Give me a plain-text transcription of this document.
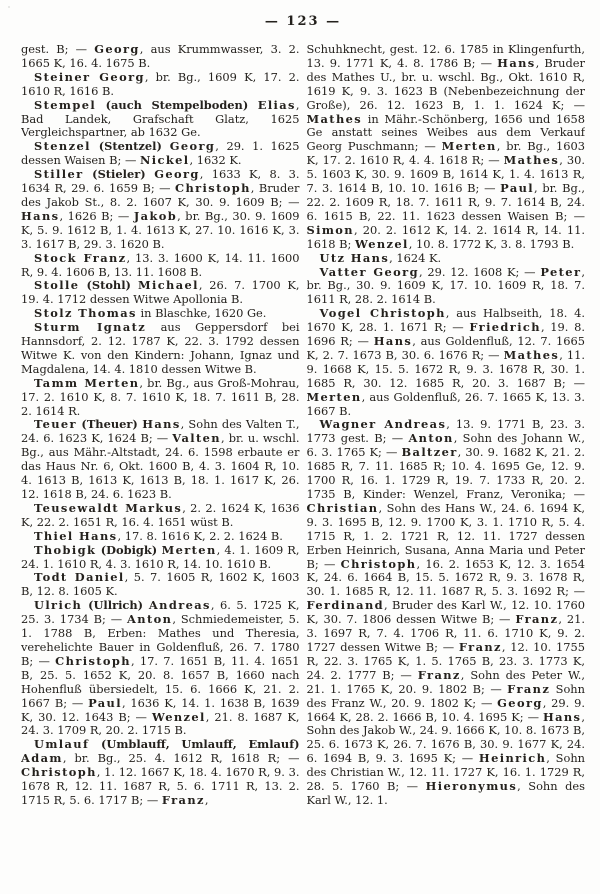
— 123 —

gest. B; — Georg, aus Krummwasser, 3. 2. 1665 K, 16. 4. 1675 B.

Steiner Georg, br. Bg., 1609 K, 17. 2. 1610 R, 1616 B.

Stempel (auch Stempelboden) Elias, Bad Landek, Grafschaft Glatz, 1625 Vergleichspartner, ab 1632 Ge.

Stenzel (Stentzel) Georg, 29. 1. 1625 dessen Waisen B; — Nickel, 1632 K.

Stiller (Stieler) Georg, 1633 K, 8. 3. 1634 R, 29. 6. 1659 B; — Christoph, Bruder des Jakob St., 8. 2. 1607 K, 30. 9. 1609 B; — Hans, 1626 B; — Jakob, br. Bg., 30. 9. 1609 K, 5. 9. 1612 B, 1. 4. 1613 K, 27. 10. 1616 K, 3. 3. 1617 B, 29. 3. 1620 B.

Stock Franz, 13. 3. 1600 K, 14. 11. 1600 R, 9. 4. 1606 B, 13. 11. 1608 B.

Stolle (Stohl) Michael, 26. 7. 1700 K, 19. 4. 1712 dessen Witwe Apollonia B.

Stolz Thomas in Blaschke, 1620 Ge.

Sturm Ignatz aus Geppersdorf bei Hannsdorf, 2. 12. 1787 K, 22. 3. 1792 dessen Witwe K. von den Kindern: Johann, Ignaz und Magdalena, 14. 4. 1810 dessen Witwe B.

Tamm Merten, br. Bg., aus Groß-Mohrau, 17. 2. 1610 K, 8. 7. 1610 K, 18. 7. 1611 B, 28. 2. 1614 R.

Teuer (Theuer) Hans, Sohn des Valten T., 24. 6. 1623 K, 1624 B; — Valten, br. u. wschl. Bg., aus Mähr.-Altstadt, 24. 6. 1598 erbaute er das Haus Nr. 6, Okt. 1600 B, 4. 3. 1604 R, 10. 4. 1613 B, 1613 K, 1613 B, 18. 1. 1617 K, 26. 12. 1618 B, 24. 6. 1623 B.

Teusewaldt Markus, 2. 2. 1624 K, 1636 K, 22. 2. 1651 R, 16. 4. 1651 wüst B.

Thiel Hans, 17. 8. 1616 K, 2. 2. 1624 B.

Thobigk (Dobigk) Merten, 4. 1. 1609 R, 24. 1. 1610 R, 4. 3. 1610 R, 14. 10. 1610 B.

Todt Daniel, 5. 7. 1605 R, 1602 K, 1603 B, 12. 8. 1605 K.

Ulrich (Ullrich) Andreas, 6. 5. 1725 K, 25. 3. 1734 B; — Anton, Schmiedemeister, 5. 1. 1788 B, Erben: Mathes und Theresia, verehelichte Bauer in Goldenfluß, 26. 7. 1780 B; — Christoph, 17. 7. 1651 B, 11. 4. 1651 B, 25. 5. 1652 K, 20. 8. 1657 B, 1660 nach Hohenfluß übersiedelt, 15. 6. 1666 K, 21. 2. 1667 B; — Paul, 1636 K, 14. 1. 1638 B, 1639 K, 30. 12. 1643 B; — Wenzel, 21. 8. 1687 K, 24. 3. 1709 R, 20. 2. 1715 B.

Umlauf (Umblauff, Umlauff, Emlauf) Adam, br. Bg., 25. 4. 1612 R, 1618 R; — Christoph, 1. 12. 1667 K, 18. 4. 1670 R, 9. 3. 1678 R, 12. 11. 1687 R, 5. 6. 1711 R, 13. 2. 1715 R, 5. 6. 1717 B; — Franz,

Schuhknecht, gest. 12. 6. 1785 in Klingenfurth, 13. 9. 1771 K, 4. 8. 1786 B; — Hans, Bruder des Mathes U., br. u. wschl. Bg., Okt. 1610 R, 1619 K, 9. 3. 1623 B (Nebenbezeichnung der Große), 26. 12. 1623 B, 1. 1. 1624 K; — Mathes in Mähr.-Schönberg, 1656 und 1658 Ge anstatt seines Weibes aus dem Verkauf Georg Puschmann; — Merten, br. Bg., 1603 K, 17. 2. 1610 R, 4. 4. 1618 R; — Mathes, 30. 5. 1603 K, 30. 9. 1609 B, 1614 K, 1. 4. 1613 R, 7. 3. 1614 B, 10. 10. 1616 B; — Paul, br. Bg., 22. 2. 1609 R, 18. 7. 1611 R, 9. 7. 1614 B, 24. 6. 1615 B, 22. 11. 1623 dessen Waisen B; — Simon, 20. 2. 1612 K, 14. 2. 1614 R, 14. 11. 1618 B; Wenzel, 10. 8. 1772 K, 3. 8. 1793 B.

Utz Hans, 1624 K.

Vatter Georg, 29. 12. 1608 K; — Peter, br. Bg., 30. 9. 1609 K, 17. 10. 1609 R, 18. 7. 1611 R, 28. 2. 1614 B.

Vogel Christoph, aus Halbseith, 18. 4. 1670 K, 28. 1. 1671 R; — Friedrich, 19. 8. 1696 R; — Hans, aus Goldenfluß, 12. 7. 1665 K, 2. 7. 1673 B, 30. 6. 1676 R; — Mathes, 11. 9. 1668 K, 15. 5. 1672 R, 9. 3. 1678 R, 30. 1. 1685 R, 30. 12. 1685 R, 20. 3. 1687 B; — Merten, aus Goldenfluß, 26. 7. 1665 K, 13. 3. 1667 B.

Wagner Andreas, 13. 9. 1771 B, 23. 3. 1773 gest. B; — Anton, Sohn des Johann W., 6. 3. 1765 K; — Baltzer, 30. 9. 1682 K, 21. 2. 1685 R, 7. 11. 1685 R; 10. 4. 1695 Ge, 12. 9. 1700 R, 16. 1. 1729 R, 19. 7. 1733 R, 20. 2. 1735 B, Kinder: Wenzel, Franz, Veronika; — Christian, Sohn des Hans W., 24. 6. 1694 K, 9. 3. 1695 B, 12. 9. 1700 K, 3. 1. 1710 R, 5. 4. 1715 R, 1. 2. 1721 R, 12. 11. 1727 dessen Erben Heinrich, Susana, Anna Maria und Peter B; — Christoph, 16. 2. 1653 K, 12. 3. 1654 K, 24. 6. 1664 B, 15. 5. 1672 R, 9. 3. 1678 R, 30. 1. 1685 R, 12. 11. 1687 R, 5. 3. 1692 R; — Ferdinand, Bruder des Karl W., 12. 10. 1760 K, 30. 7. 1806 dessen Witwe B; — Franz, 21. 3. 1697 R, 7. 4. 1706 R, 11. 6. 1710 K, 9. 2. 1727 dessen Witwe B; — Franz, 12. 10. 1755 R, 22. 3. 1765 K, 1. 5. 1765 B, 23. 3. 1773 K, 24. 2. 1777 B; — Franz, Sohn des Peter W., 21. 1. 1765 K, 20. 9. 1802 B; — Franz Sohn des Franz W., 20. 9. 1802 K; — Georg, 29. 9. 1664 K, 28. 2. 1666 B, 10. 4. 1695 K; — Hans, Sohn des Jakob W., 24. 9. 1666 K, 10. 8. 1673 B, 25. 6. 1673 K, 26. 7. 1676 B, 30. 9. 1677 K, 24. 6. 1694 B, 9. 3. 1695 K; — Heinrich, Sohn des Christian W., 12. 11. 1727 K, 16. 1. 1729 R, 28. 5. 1760 B; — Hieronymus, Sohn des Karl W., 12. 1.
